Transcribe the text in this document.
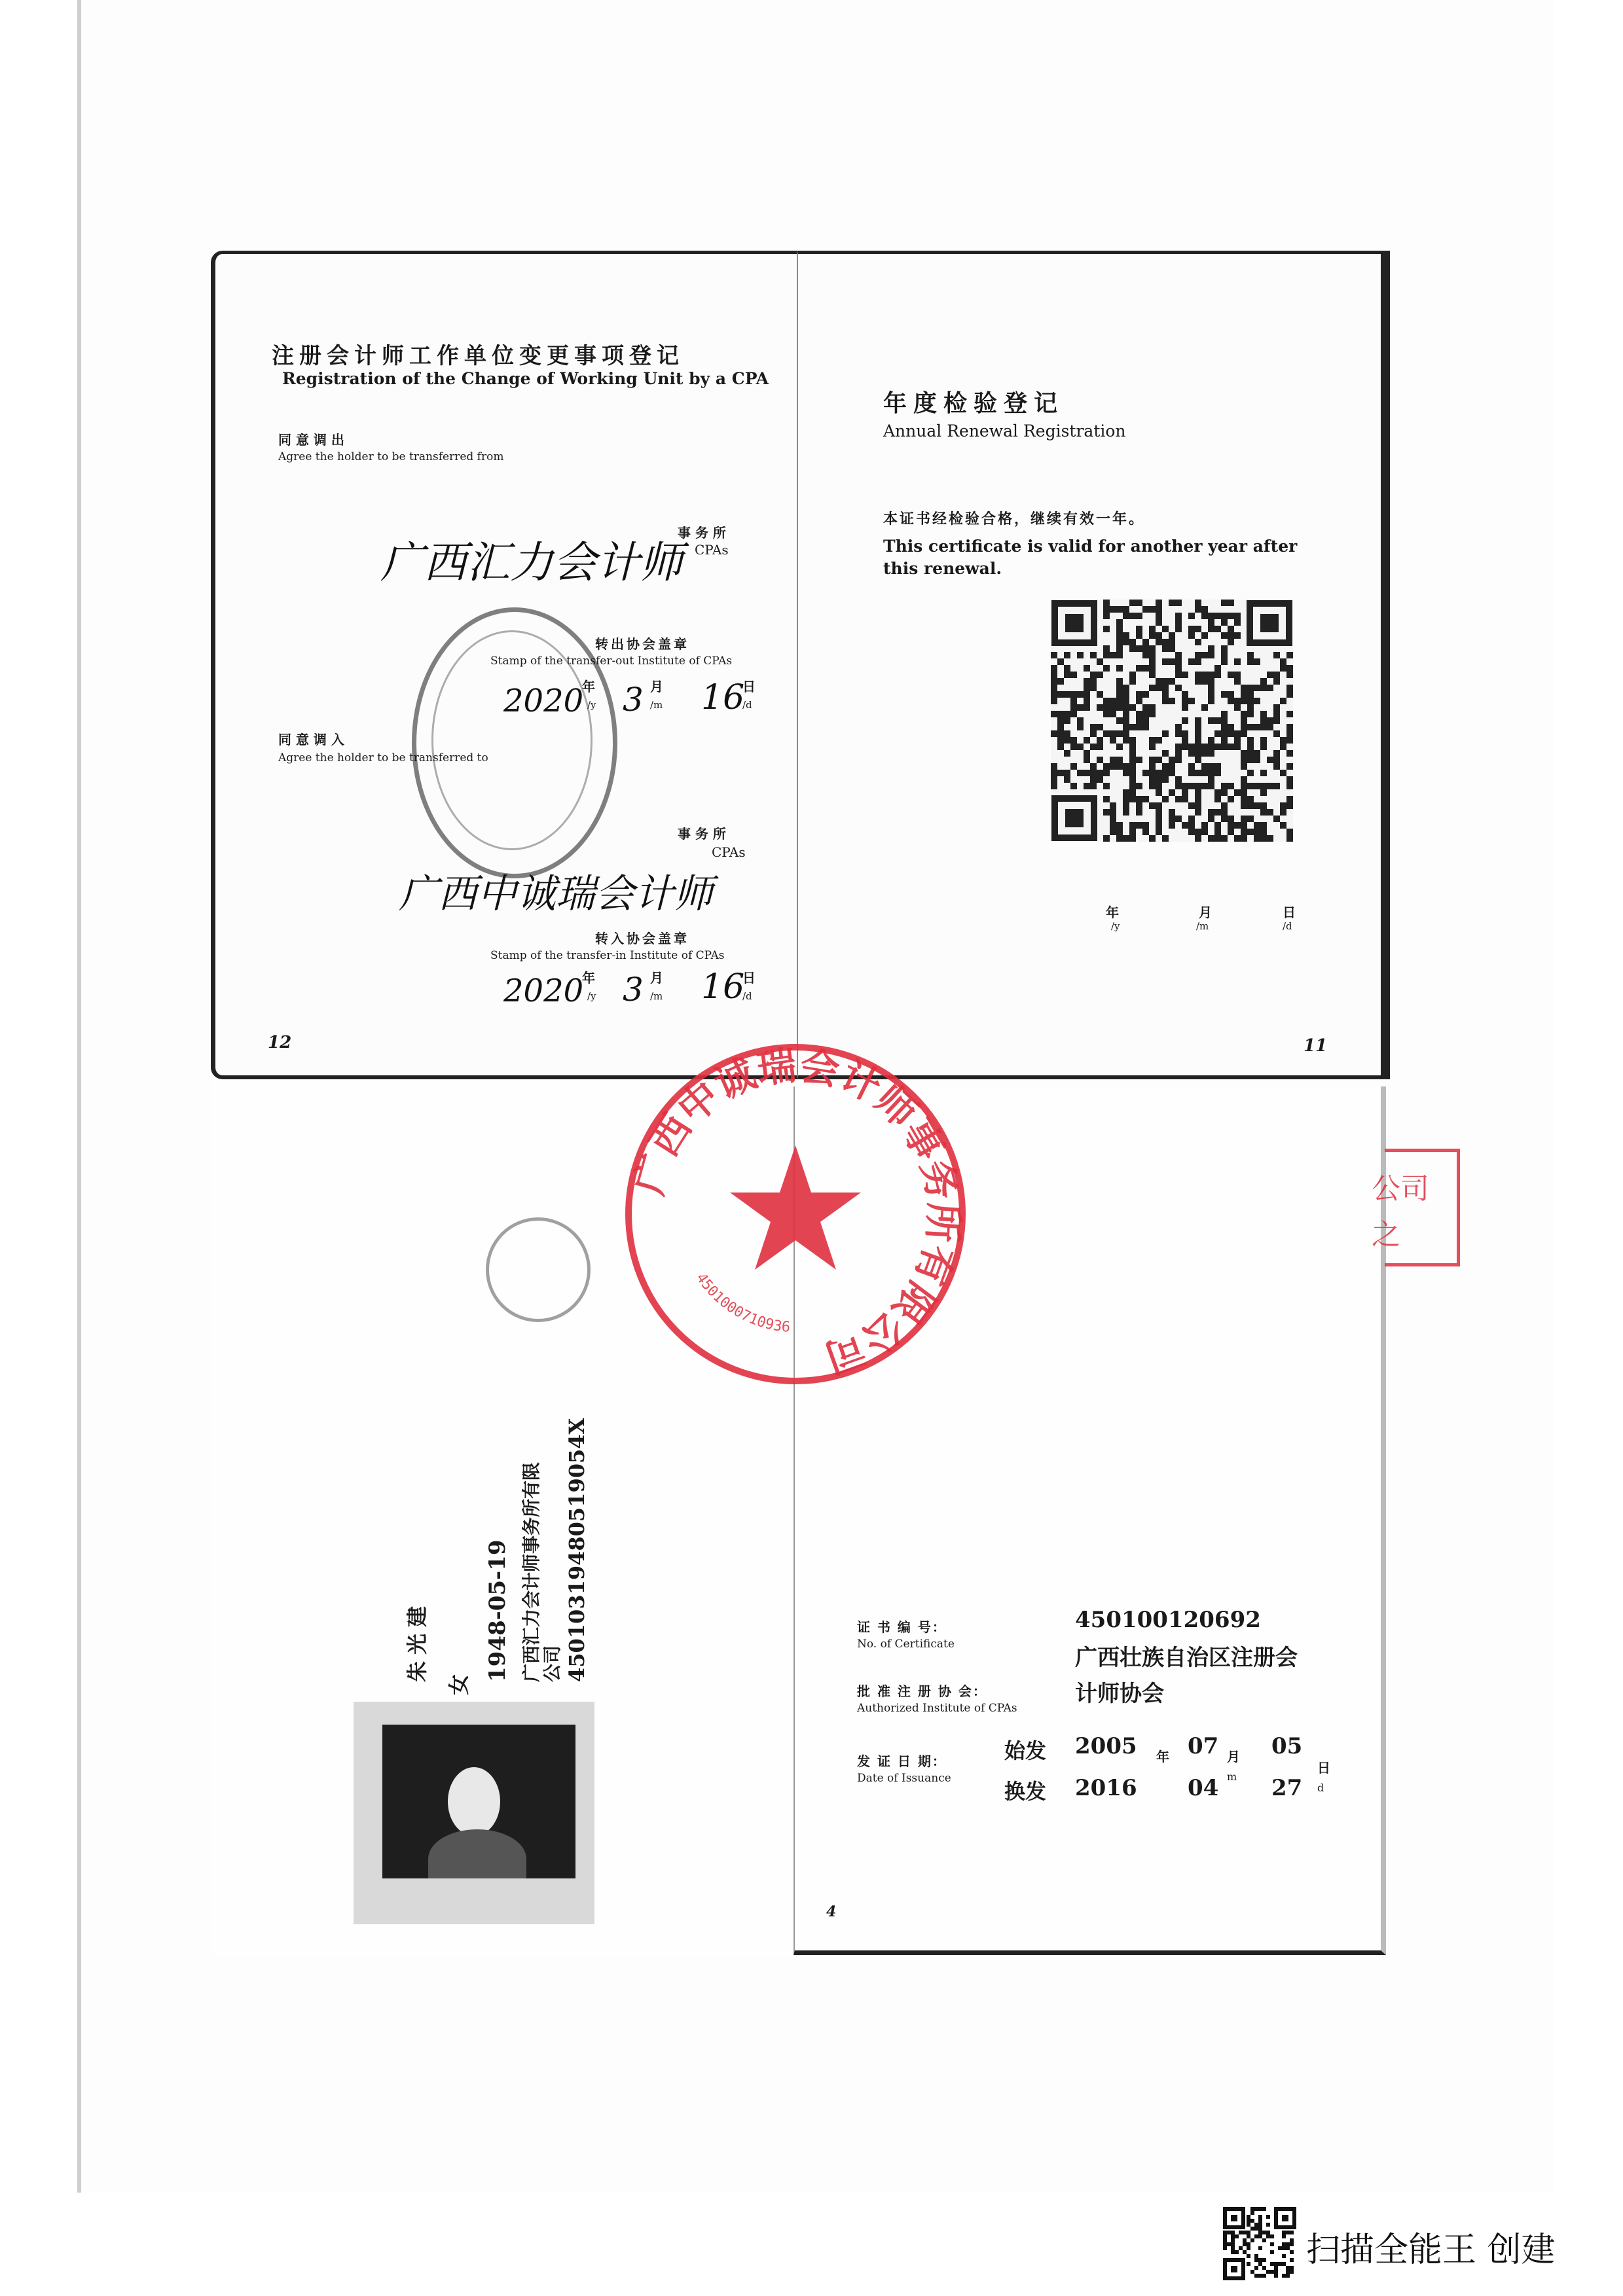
注册会计师工作单位变更事项登记
Registration of the Change of Working Unit by a CPA
同 意 调 出
Agree the holder to be transferred from
广西汇力会计师
事 务 所
CPAs
转出协会盖章
Stamp of the transfer-out Institute of CPAs
2020
年
/y 3 月
/m 16
日
/d
同 意 调 入
Agree the holder to be transferred to
事 务 所
CPAs
广西中诚瑞会计师
转入协会盖章
Stamp of the transfer-in Institute of CPAs
2020
年
/y 3 月
/m 16
日
/d
12
年度检验登记
Annual Renewal Registration
本证书经检验合格，继续有效一年。
This certificate is valid for another year after
this renewal.
年
/y
月
/m
日
/d
11
朱光建
女
1948-05-19 广西汇力会计师事务所有限 公司 45010319480519054X	证 书 编 号：
No. of Certificate
450100120692
广西壮族自治区注册会
批 准 注 册 协 会：
Authorized Institute of CPAs
计师协会
发 证 日 期：
Date of Issuance
始发 2005 年 07 月 05
日
换发 2016 04 m 27 d
4
广西中诚瑞会计师事务所有限公司
4501000710936
公司
之
扫描全能王 创建
